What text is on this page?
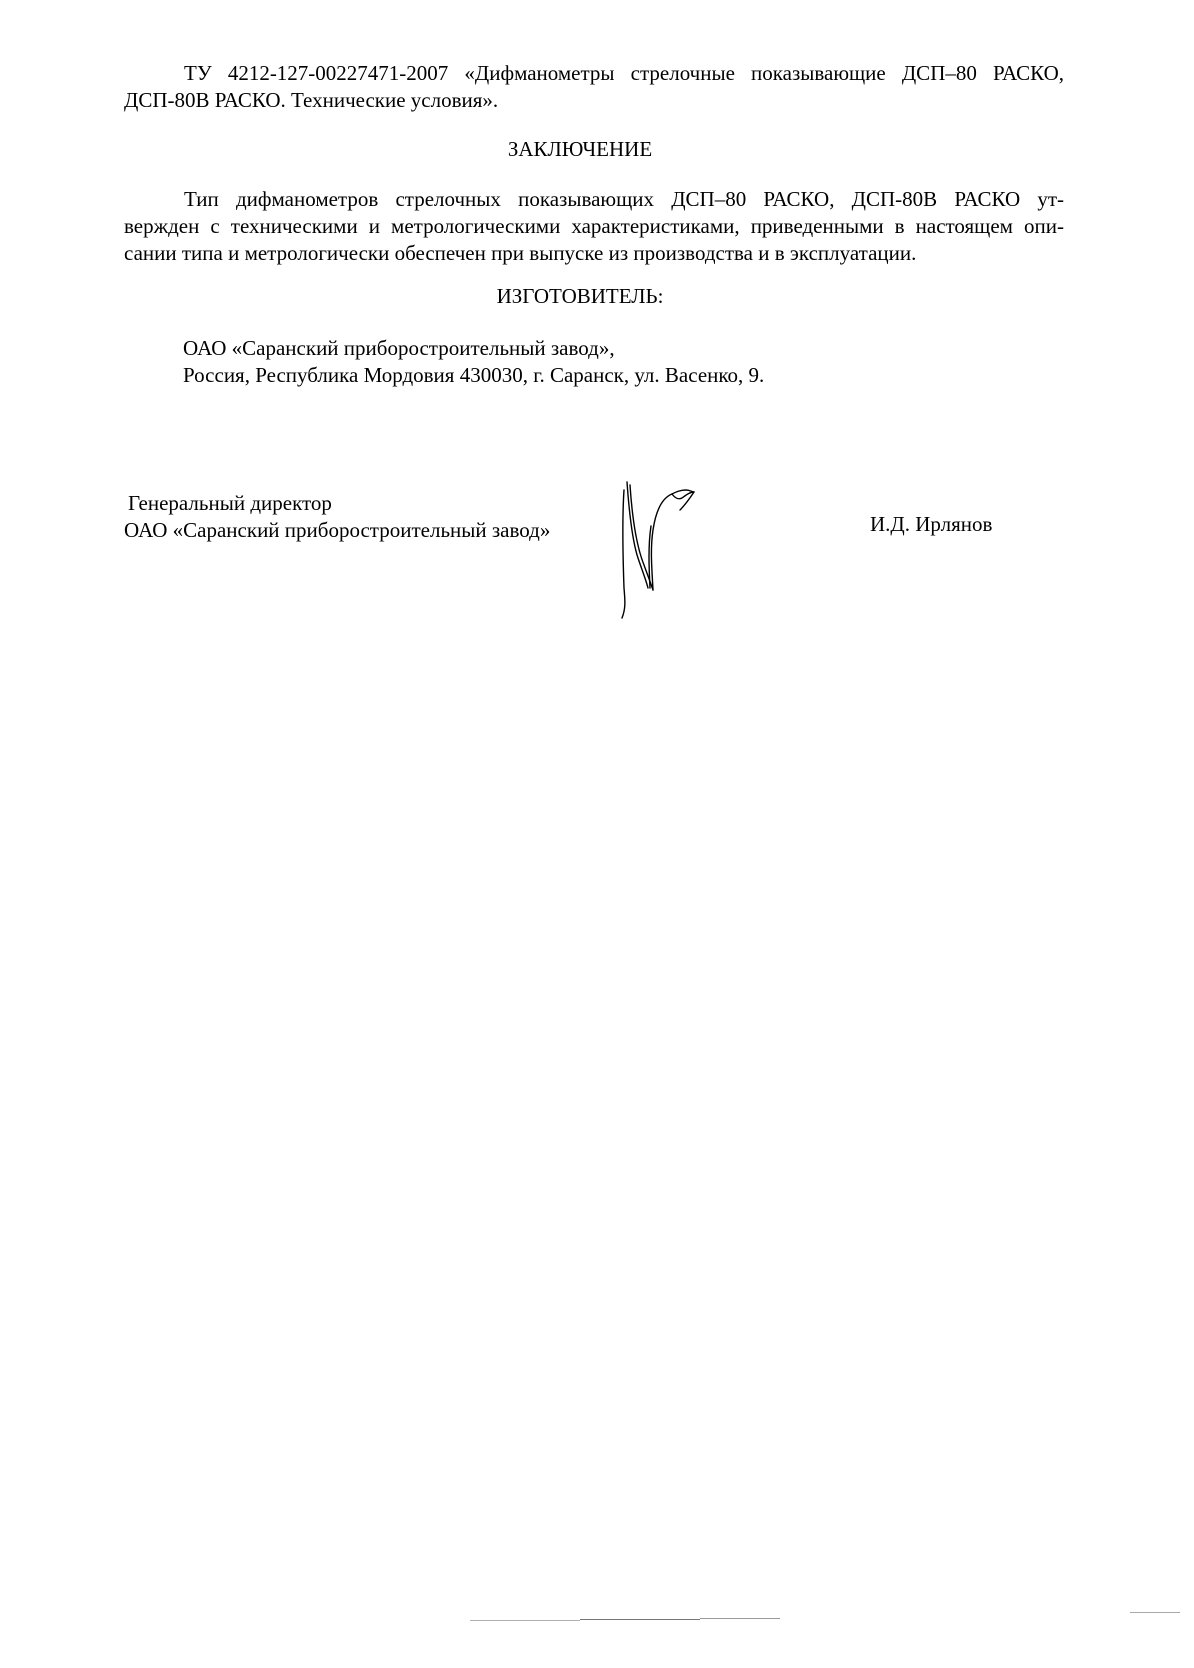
ТУ 4212-127-00227471-2007 «Дифманометры стрелочные показывающие ДСП–80 РАСКО,
ДСП-80В РАСКО. Технические условия».
ЗАКЛЮЧЕНИЕ
Тип дифманометров стрелочных показывающих ДСП–80 РАСКО, ДСП-80В РАСКО ут-
вержден с техническими и метрологическими характеристиками, приведенными в настоящем опи-
сании типа и метрологически обеспечен при выпуске из производства и в эксплуатации.
ИЗГОТОВИТЕЛЬ:
ОАО «Саранский приборостроительный завод»,
Россия, Республика Мордовия 430030, г. Саранск, ул. Васенко, 9.
Генеральный директор
ОАО «Саранский приборостроительный завод»	И.Д. Ирлянов
